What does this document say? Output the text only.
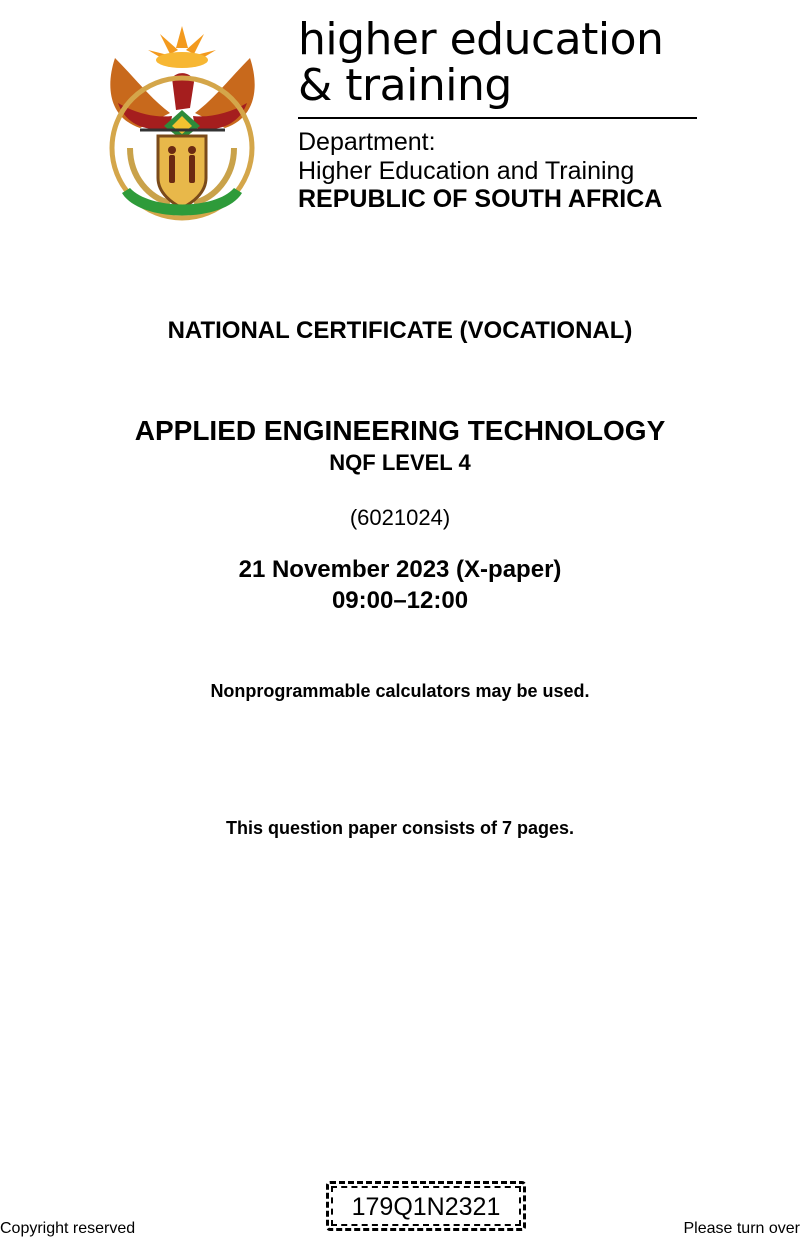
higher education
& training
Department:
Higher Education and Training
REPUBLIC OF SOUTH AFRICA
NATIONAL CERTIFICATE (VOCATIONAL)
APPLIED ENGINEERING TECHNOLOGY
NQF LEVEL 4
(6021024)
21 November 2023 (X-paper)
09:00–12:00
Nonprogrammable calculators may be used.
This question paper consists of 7 pages.
Copyright reserved
179Q1N2321
Please turn over
